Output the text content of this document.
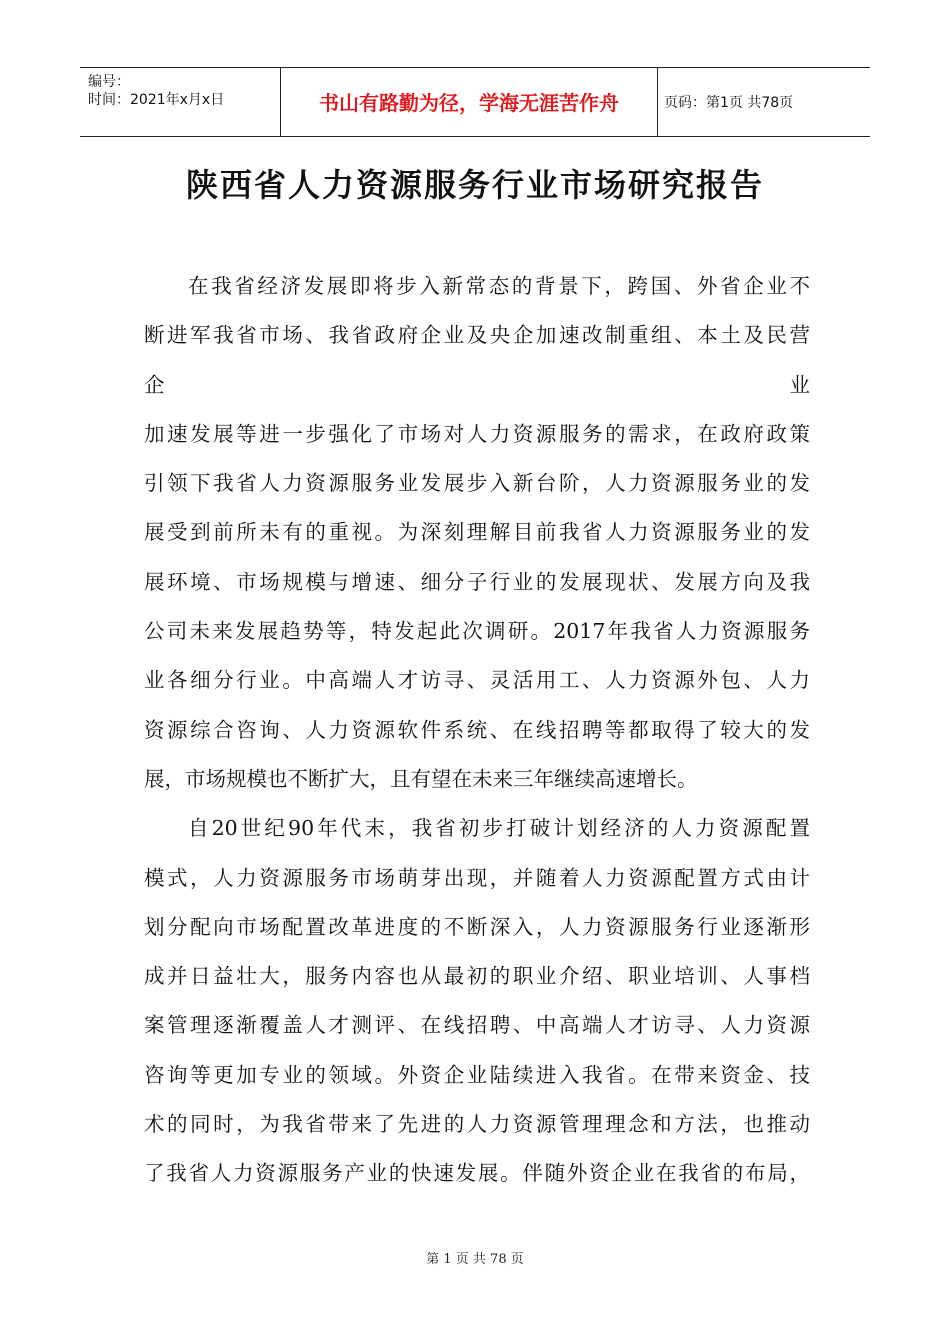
编号：
时间：2021年x月x日	书山有路勤为径，学海无涯苦作舟	页码：第1页 共78页
陕西省人力资源服务行业市场研究报告
在我省经济发展即将步入新常态的背景下，跨国、外省企业不
断进军我省市场、我省政府企业及央企加速改制重组、本土及民营
企	业
加速发展等进一步强化了市场对人力资源服务的需求，在政府政策
引领下我省人力资源服务业发展步入新台阶，人力资源服务业的发
展受到前所未有的重视。为深刻理解目前我省人力资源服务业的发
展环境、市场规模与增速、细分子行业的发展现状、发展方向及我
公司未来发展趋势等，特发起此次调研。2017年我省人力资源服务
业各细分行业。中高端人才访寻、灵活用工、人力资源外包、人力
资源综合咨询、人力资源软件系统、在线招聘等都取得了较大的发
展，市场规模也不断扩大，且有望在未来三年继续高速增长。
自20世纪90年代末，我省初步打破计划经济的人力资源配置
模式，人力资源服务市场萌芽出现，并随着人力资源配置方式由计
划分配向市场配置改革进度的不断深入，人力资源服务行业逐渐形
成并日益壮大，服务内容也从最初的职业介绍、职业培训、人事档
案管理逐渐覆盖人才测评、在线招聘、中高端人才访寻、人力资源
咨询等更加专业的领域。外资企业陆续进入我省。在带来资金、技
术的同时，为我省带来了先进的人力资源管理理念和方法，也推动
了我省人力资源服务产业的快速发展。伴随外资企业在我省的布局，
第 1 页 共 78 页
